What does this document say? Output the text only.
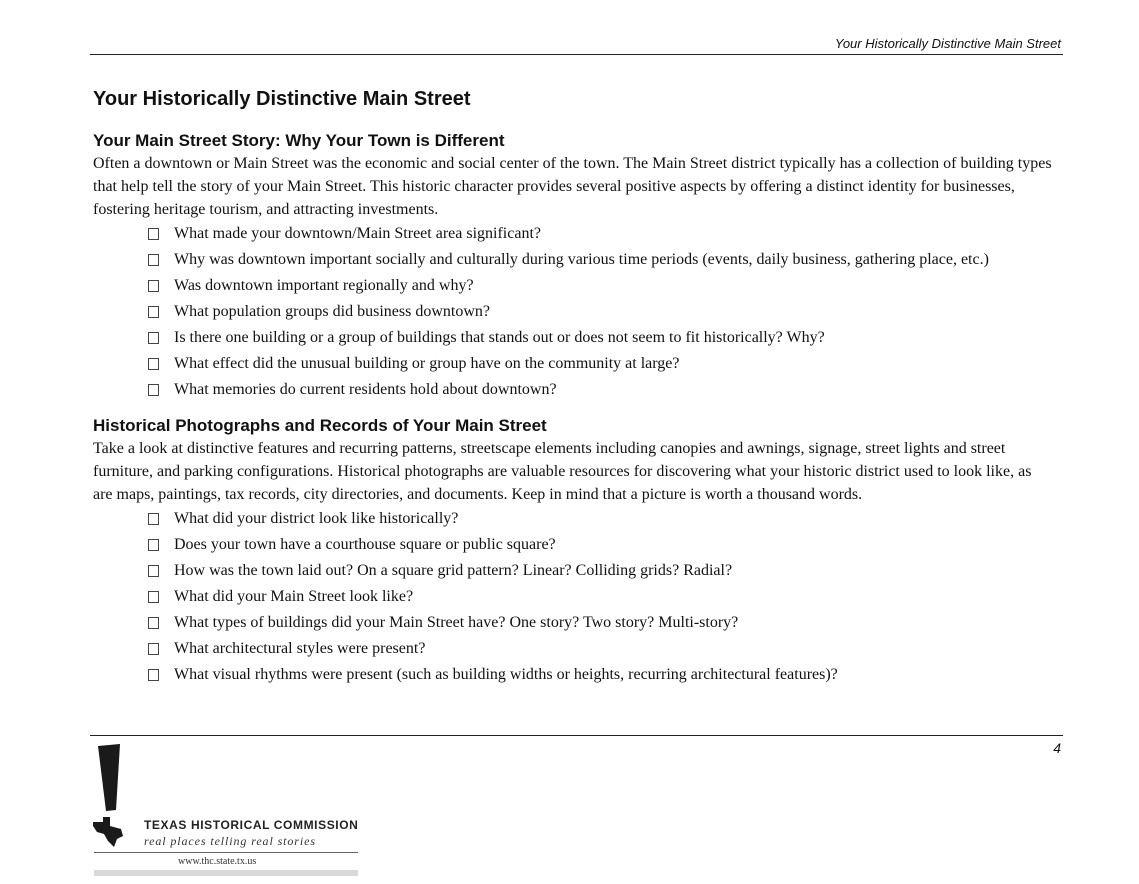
Your Historically Distinctive Main Street
Your Historically Distinctive Main Street
Your Main Street Story: Why Your Town is Different

Often a downtown or Main Street was the economic and social center of the town. The Main Street district typically has a collection of building types that help tell the story of your Main Street. This historic character provides several positive aspects by offering a distinct identity for businesses, fostering heritage tourism, and attracting investments.

What made your downtown/Main Street area significant?
Why was downtown important socially and culturally during various time periods (events, daily business, gathering place, etc.)
Was downtown important regionally and why?
What population groups did business downtown?
Is there one building or a group of buildings that stands out or does not seem to fit historically? Why?
What effect did the unusual building or group have on the community at large?
What memories do current residents hold about downtown?
Historical Photographs and Records of Your Main Street

Take a look at distinctive features and recurring patterns, streetscape elements including canopies and awnings, signage, street lights and street furniture, and parking configurations. Historical photographs are valuable resources for discovering what your historic district used to look like, as are maps, paintings, tax records, city directories, and documents. Keep in mind that a picture is worth a thousand words.

What did your district look like historically?
Does your town have a courthouse square or public square?
How was the town laid out? On a square grid pattern? Linear? Colliding grids? Radial?
What did your Main Street look like?
What types of buildings did your Main Street have? One story? Two story? Multi-story?
What architectural styles were present?
What visual rhythms were present (such as building widths or heights, recurring architectural features)?
4
TEXAS HISTORICAL COMMISSION
real places telling real stories
www.thc.state.tx.us
